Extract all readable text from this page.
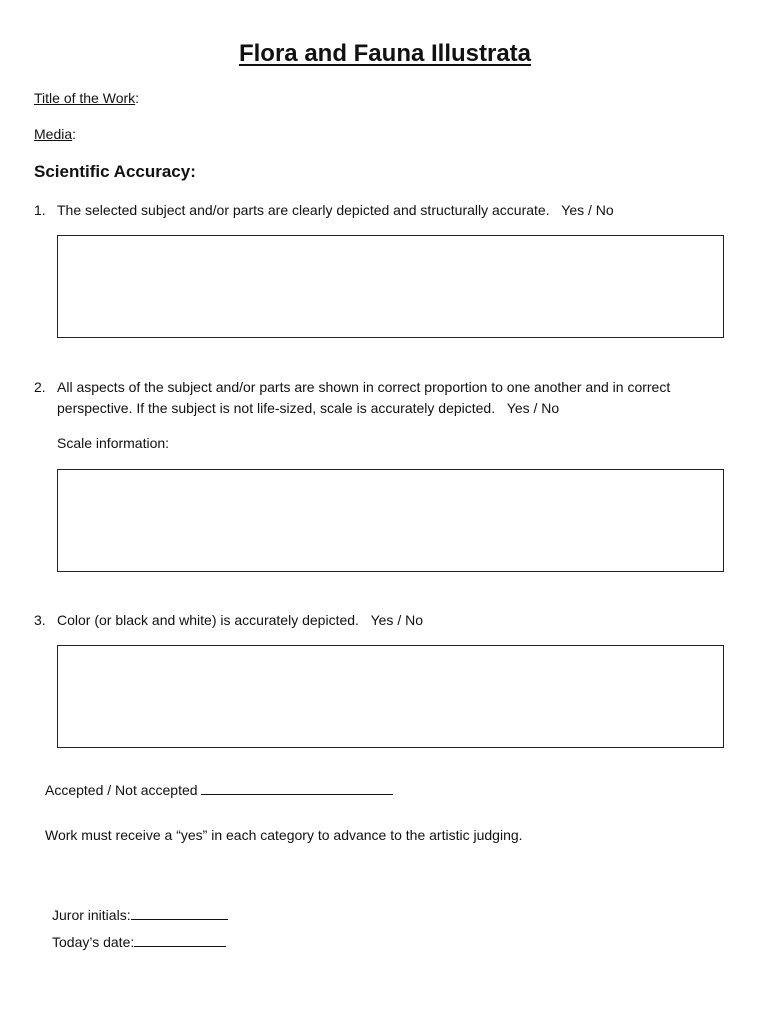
Flora and Fauna Illustrata
Title of the Work:
Media:
Scientific Accuracy:
1. The selected subject and/or parts are clearly depicted and structurally accurate. Yes / No
2. All aspects of the subject and/or parts are shown in correct proportion to one another and in correct
perspective. If the subject is not life-sized, scale is accurately depicted. Yes / No
Scale information:
3. Color (or black and white) is accurately depicted. Yes / No
Accepted / Not accepted
Work must receive a “yes” in each category to advance to the artistic judging.
Juror initials:
Today’s date:
